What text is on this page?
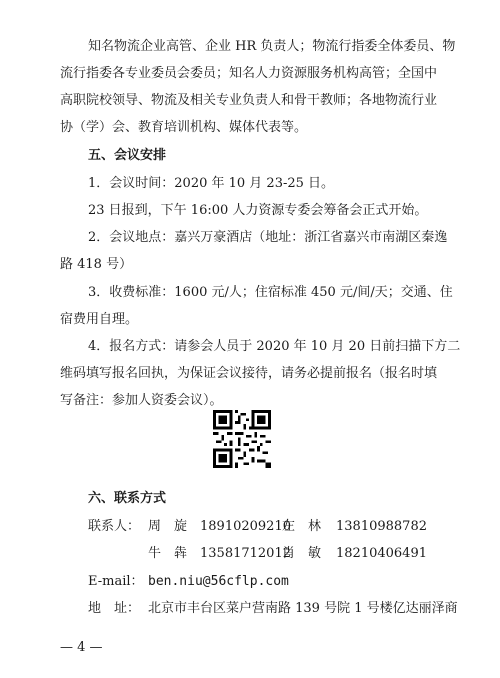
知名物流企业高管、企业 HR 负责人；物流行指委全体委员、物
流行指委各专业委员会委员；知名人力资源服务机构高管；全国中
高职院校领导、物流及相关专业负责人和骨干教师；各地物流行业
协（学）会、教育培训机构、媒体代表等。
五、会议安排
1．会议时间：2020 年 10 月 23-25 日。
23 日报到，下午 16:00 人力资源专委会筹备会正式开始。
2．会议地点：嘉兴万豪酒店（地址：浙江省嘉兴市南湖区秦逸
路 418 号）
3．收费标准：1600 元/人；住宿标准 450 元/间/天；交通、住
宿费用自理。
4．报名方式：请参会人员于 2020 年 10 月 20 日前扫描下方二
维码填写报名回执，为保证会议接待，请务必提前报名（报名时填
写备注：参加人资委会议）。
六、联系方式
联系人： 周　旋 18910209210
左　林 13810988782
牛　犇 13581712012
肖　敏 18210406491
E-mail： ben.niu@56cflp.com
地　址： 北京市丰台区菜户营南路 139 号院 1 号楼亿达丽泽商
— 4 —
